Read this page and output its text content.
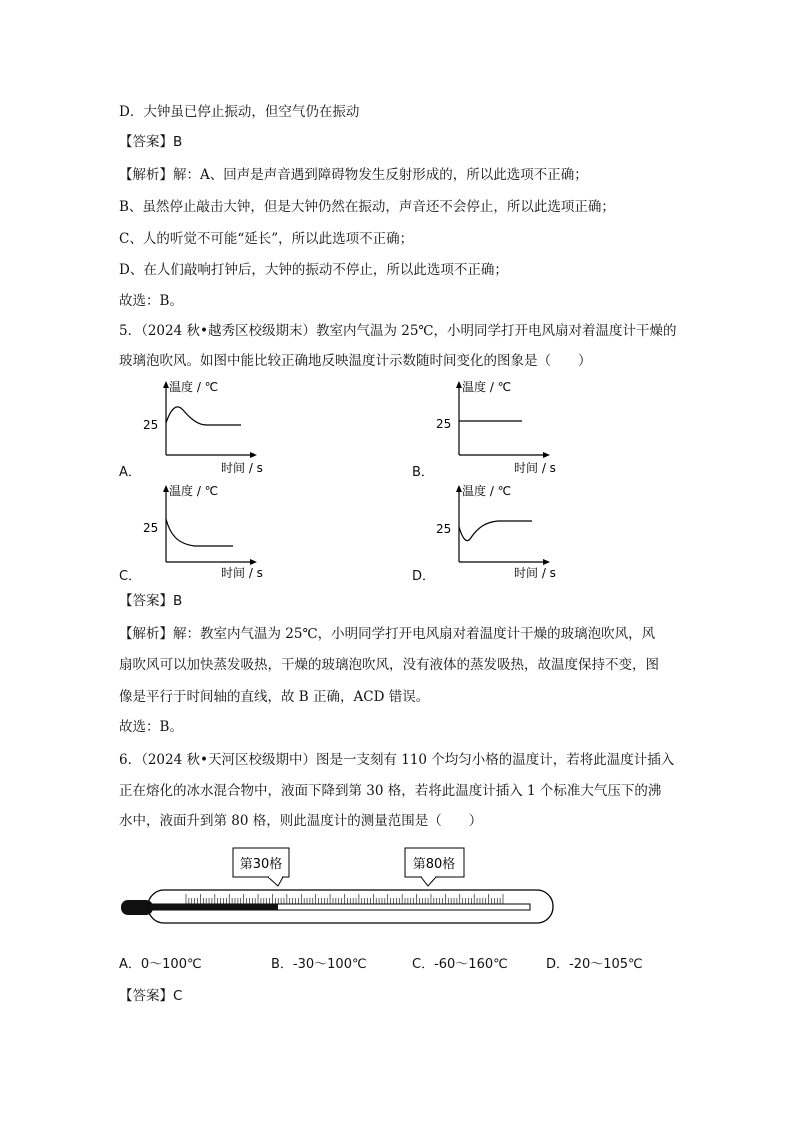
D．大钟虽已停止振动，但空气仍在振动
【答案】B
【解析】解：A、回声是声音遇到障碍物发生反射形成的，所以此选项不正确；
B、虽然停止敲击大钟，但是大钟仍然在振动，声音还不会停止，所以此选项正确；
C、人的听觉不可能“延长”，所以此选项不正确；
D、在人们敲响打钟后，大钟的振动不停止，所以此选项不正确；
故选：B。
5．（2024 秋•越秀区校级期末）教室内气温为 25℃，小明同学打开电风扇对着温度计干燥的
玻璃泡吹风。如图中能比较正确地反映温度计示数随时间变化的图象是（　　）
温度 / ℃
25
时间 / s
A．
温度 / ℃
25
时间 / s
B．
温度 / ℃
25
时间 / s
C．
温度 / ℃
25
时间 / s
D．
【答案】B
【解析】解：教室内气温为 25℃，小明同学打开电风扇对着温度计干燥的玻璃泡吹风，风
扇吹风可以加快蒸发吸热，干燥的玻璃泡吹风，没有液体的蒸发吸热，故温度保持不变，图
像是平行于时间轴的直线，故 B 正确，ACD 错误。
故选：B。
6．（2024 秋•天河区校级期中）图是一支刻有 110 个均匀小格的温度计，若将此温度计插入
正在熔化的冰水混合物中，液面下降到第 30 格，若将此温度计插入 1 个标准大气压下的沸
水中，液面升到第 80 格，则此温度计的测量范围是（　　）
第30格	第80格
A．0～100℃	B．-30～100℃	C．-60～160℃	D．-20～105℃
【答案】C
